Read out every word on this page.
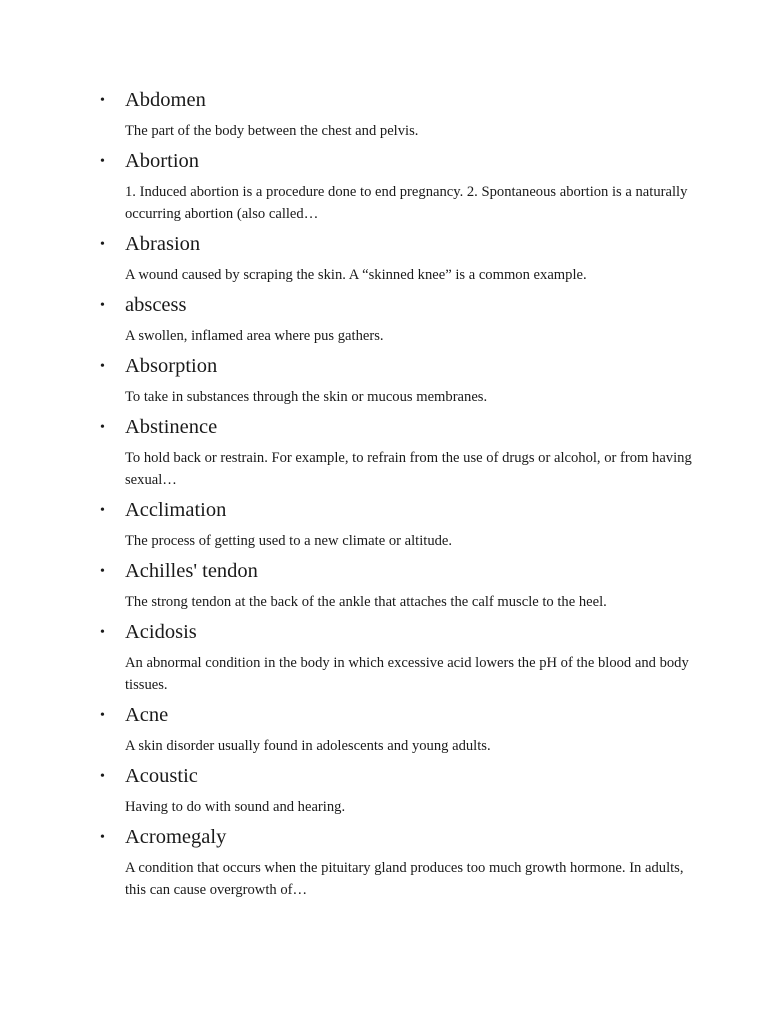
• Abdomen

The part of the body between the chest and pelvis.

• Abortion

1. Induced abortion is a procedure done to end pregnancy. 2. Spontaneous abortion is a naturally occurring abortion (also called…

• Abrasion

A wound caused by scraping the skin. A “skinned knee” is a common example.

• abscess

A swollen, inflamed area where pus gathers.

• Absorption

To take in substances through the skin or mucous membranes.

• Abstinence

To hold back or restrain. For example, to refrain from the use of drugs or alcohol, or from having sexual…

• Acclimation

The process of getting used to a new climate or altitude.

• Achilles' tendon

The strong tendon at the back of the ankle that attaches the calf muscle to the heel.

• Acidosis

An abnormal condition in the body in which excessive acid lowers the pH of the blood and body tissues.

• Acne

A skin disorder usually found in adolescents and young adults.

• Acoustic

Having to do with sound and hearing.

• Acromegaly

A condition that occurs when the pituitary gland produces too much growth hormone. In adults, this can cause overgrowth of…
